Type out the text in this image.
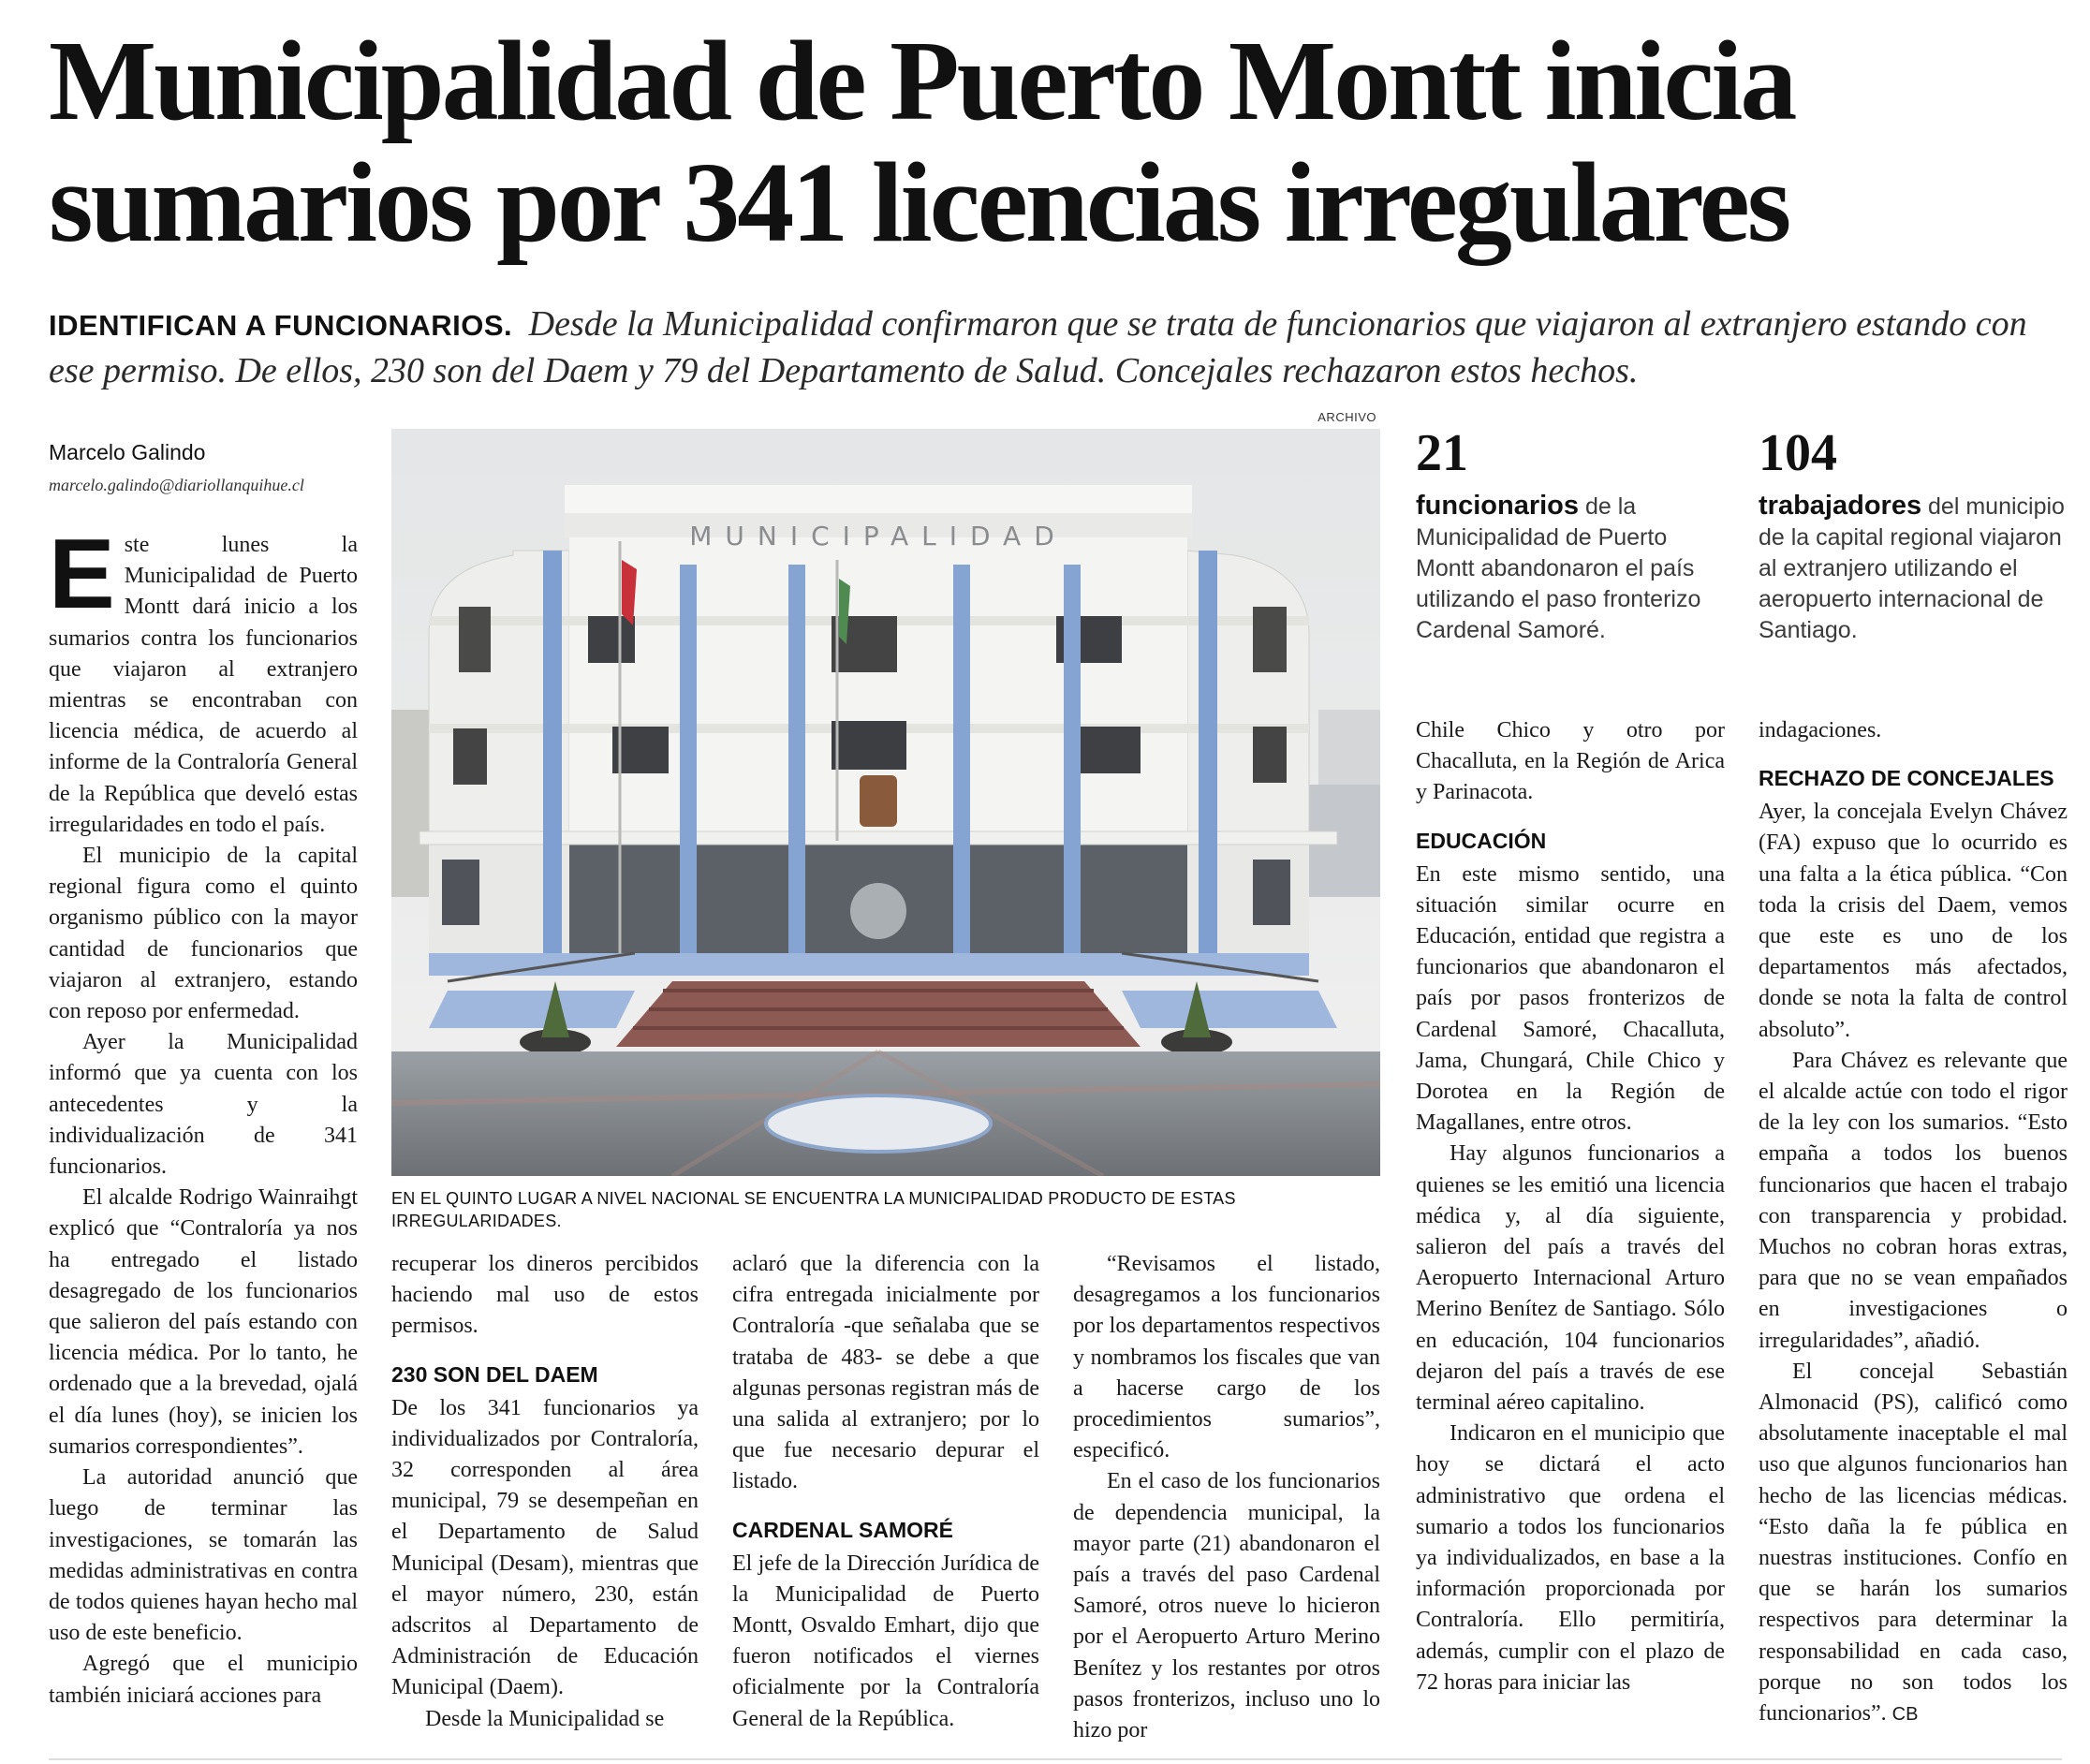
Municipalidad de Puerto Montt inicia
sumarios por 341 licencias irregulares

IDENTIFICAN A FUNCIONARIOS. Desde la Municipalidad confirmaron que se trata de funcionarios que viajaron al extranjero estando con ese permiso. De ellos, 230 son del Daem y 79 del Departamento de Salud. Concejales rechazaron estos hechos.

Marcelo Galindo
marcelo.galindo@diariollanquihue.cl

Este lunes la Municipalidad de Puerto Montt dará inicio a los sumarios contra los funcionarios que viajaron al extranjero mientras se encontraban con licencia médica, de acuerdo al informe de la Contraloría General de la República que develó estas irregularidades en todo el país.

El municipio de la capital regional figura como el quinto organismo público con la mayor cantidad de funcionarios que viajaron al extranjero, estando con reposo por enfermedad.

Ayer la Municipalidad informó que ya cuenta con los antecedentes y la individualización de 341 funcionarios.

El alcalde Rodrigo Wainraihgt explicó que “Contraloría ya nos ha entregado el listado desagregado de los funcionarios que salieron del país estando con licencia médica. Por lo tanto, he ordenado que a la brevedad, ojalá el día lunes (hoy), se inicien los sumarios correspondientes”.

La autoridad anunció que luego de terminar las investigaciones, se tomarán las medidas administrativas en contra de todos quienes hayan hecho mal uso de este beneficio.

Agregó que el municipio también iniciará acciones para

ARCHIVO
MUNICIPALIDAD
EN EL QUINTO LUGAR A NIVEL NACIONAL SE ENCUENTRA LA MUNICIPALIDAD PRODUCTO DE ESTAS IRREGULARIDADES.

recuperar los dineros percibidos haciendo mal uso de estos permisos.

230 SON DEL DAEM

De los 341 funcionarios ya individualizados por Contraloría, 32 corresponden al área municipal, 79 se desempeñan en el Departamento de Salud Municipal (Desam), mientras que el mayor número, 230, están adscritos al Departamento de Administración de Educación Municipal (Daem).

Desde la Municipalidad se

aclaró que la diferencia con la cifra entregada inicialmente por Contraloría -que señalaba que se trataba de 483- se debe a que algunas personas registran más de una salida al extranjero; por lo que fue necesario depurar el listado.

CARDENAL SAMORÉ

El jefe de la Dirección Jurídica de la Municipalidad de Puerto Montt, Osvaldo Emhart, dijo que fueron notificados el viernes oficialmente por la Contraloría General de la República.

“Revisamos el listado, desagregamos a los funcionarios por los departamentos respectivos y nombramos los fiscales que van a hacerse cargo de los procedimientos sumarios”, especificó.

En el caso de los funcionarios de dependencia municipal, la mayor parte (21) abandonaron el país a través del paso Cardenal Samoré, otros nueve lo hicieron por el Aeropuerto Arturo Merino Benítez y los restantes por otros pasos fronterizos, incluso uno lo hizo por

21
funcionarios de la Municipalidad de Puerto Montt abandonaron el país utilizando el paso fronterizo Cardenal Samoré.
104
trabajadores del municipio de la capital regional viajaron al extranjero utilizando el aeropuerto internacional de Santiago.

Chile Chico y otro por Chacalluta, en la Región de Arica y Parinacota.

EDUCACIÓN

En este mismo sentido, una situación similar ocurre en Educación, entidad que registra a funcionarios que abandonaron el país por pasos fronterizos de Cardenal Samoré, Chacalluta, Jama, Chungará, Chile Chico y Dorotea en la Región de Magallanes, entre otros.

Hay algunos funcionarios a quienes se les emitió una licencia médica y, al día siguiente, salieron del país a través del Aeropuerto Internacional Arturo Merino Benítez de Santiago. Sólo en educación, 104 funcionarios dejaron del país a través de ese terminal aéreo capitalino.

Indicaron en el municipio que hoy se dictará el acto administrativo que ordena el sumario a todos los funcionarios ya individualizados, en base a la información proporcionada por Contraloría. Ello permitiría, además, cumplir con el plazo de 72 horas para iniciar las

indagaciones.

RECHAZO DE CONCEJALES

Ayer, la concejala Evelyn Chávez (FA) expuso que lo ocurrido es una falta a la ética pública. “Con toda la crisis del Daem, vemos que este es uno de los departamentos más afectados, donde se nota la falta de control absoluto”.

Para Chávez es relevante que el alcalde actúe con todo el rigor de la ley con los sumarios. “Esto empaña a todos los buenos funcionarios que hacen el trabajo con transparencia y probidad. Muchos no cobran horas extras, para que no se vean empañados en investigaciones o irregularidades”, añadió.

El concejal Sebastián Almonacid (PS), calificó como absolutamente inaceptable el mal uso que algunos funcionarios han hecho de las licencias médicas. “Esto daña la fe pública en nuestras instituciones. Confío en que se harán los sumarios respectivos para determinar la responsabilidad en cada caso, porque no son todos los funcionarios”. CB
